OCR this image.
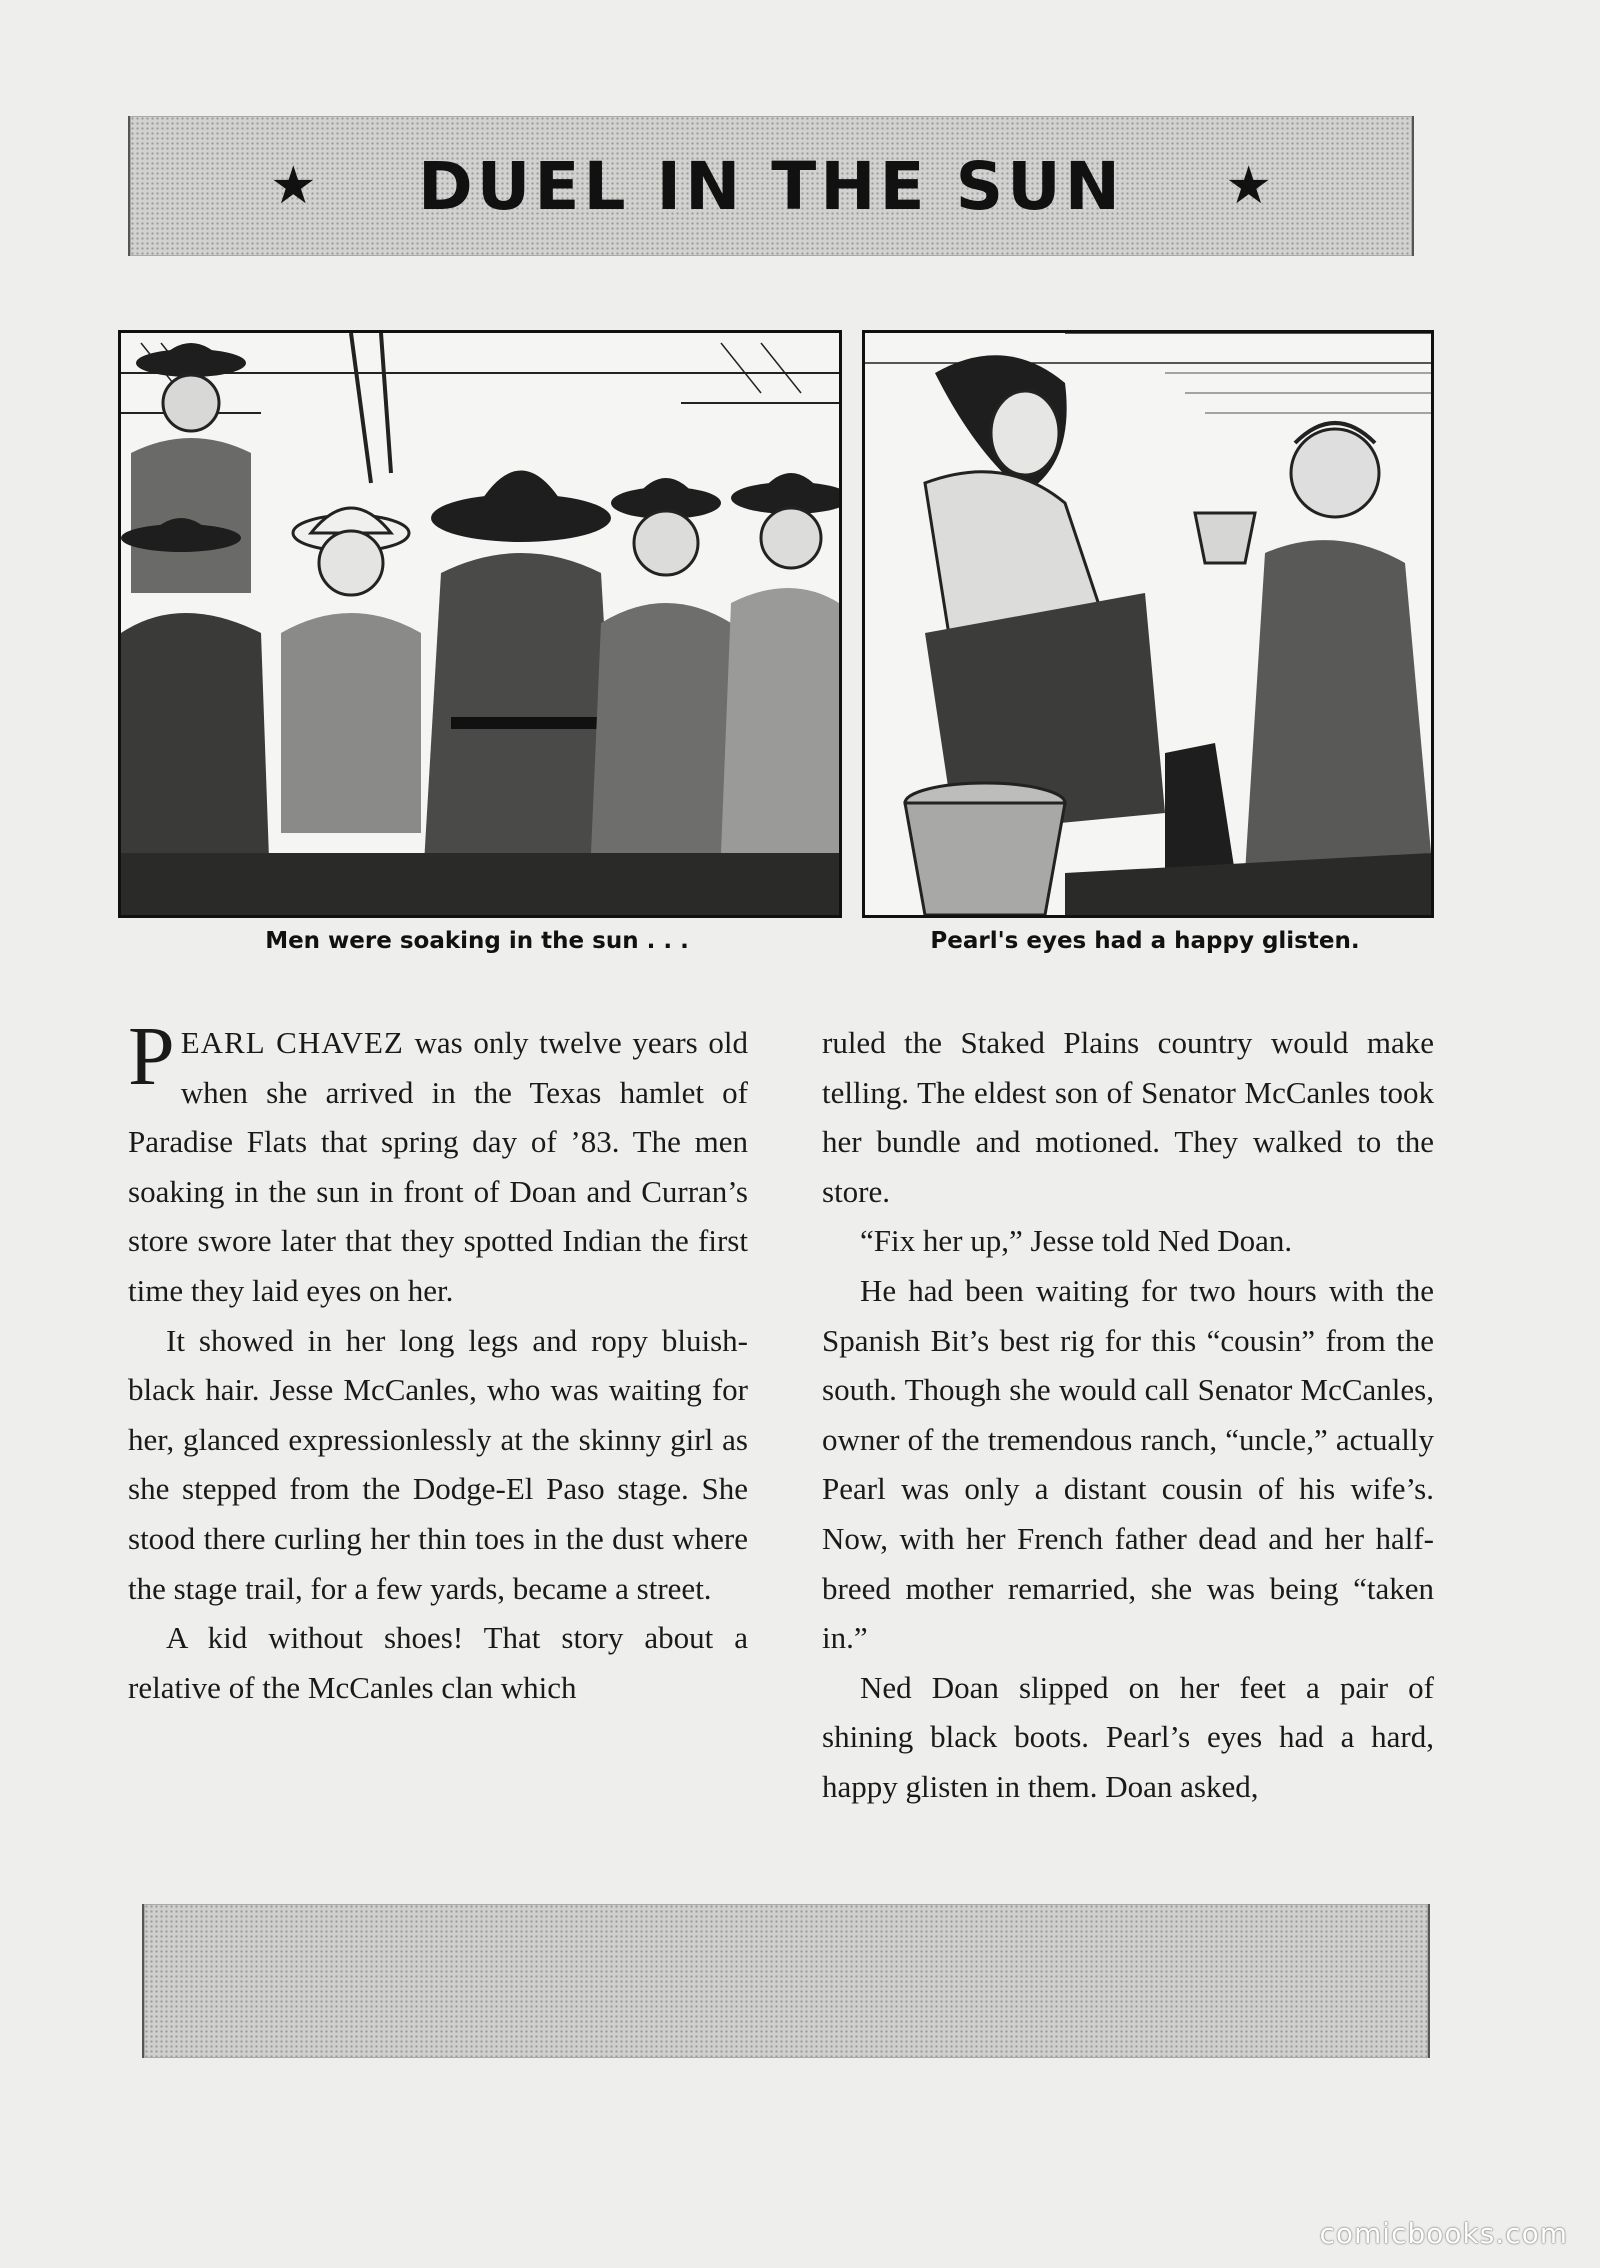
★ DUEL IN THE SUN ★
Men were soaking in the sun . . .	Pearl's eyes had a happy glisten.

PEARL CHAVEZ was only twelve years old when she arrived in the Texas hamlet of Paradise Flats that spring day of ’83. The men soaking in the sun in front of Doan and Curran’s store swore later that they spotted Indian the first time they laid eyes on her.

It showed in her long legs and ropy bluish-black hair. Jesse McCanles, who was waiting for her, glanced expressionlessly at the skinny girl as she stepped from the Dodge-El Paso stage. She stood there curling her thin toes in the dust where the stage trail, for a few yards, became a street.

A kid without shoes! That story about a relative of the McCanles clan which

ruled the Staked Plains country would make telling. The eldest son of Senator McCanles took her bundle and motioned. They walked to the store.

“Fix her up,” Jesse told Ned Doan.

He had been waiting for two hours with the Spanish Bit’s best rig for this “cousin” from the south. Though she would call Senator McCanles, owner of the tremendous ranch, “uncle,” actually Pearl was only a distant cousin of his wife’s. Now, with her French father dead and her half-breed mother remarried, she was being “taken in.”

Ned Doan slipped on her feet a pair of shining black boots. Pearl’s eyes had a hard, happy glisten in them. Doan asked,

comicbooks.com
